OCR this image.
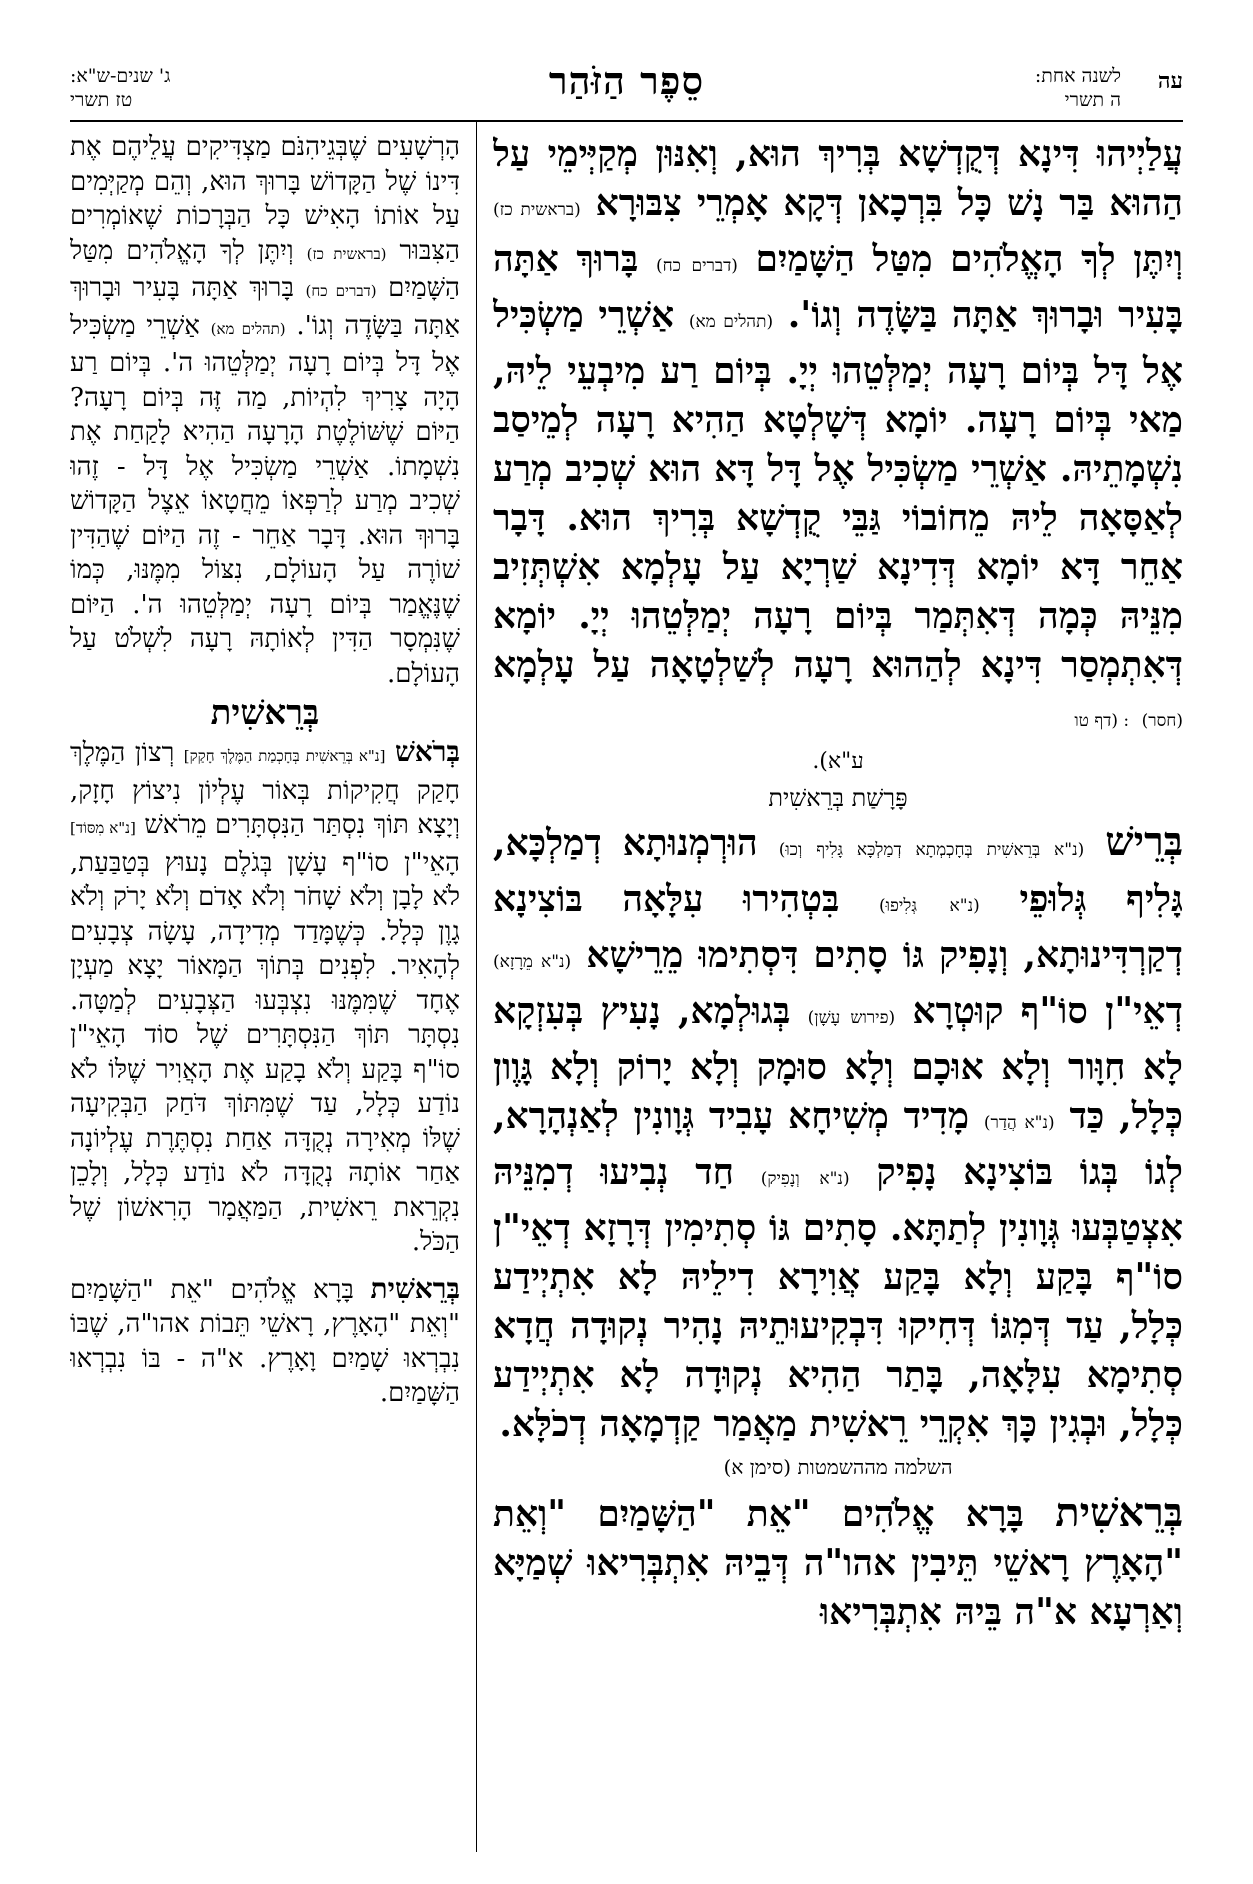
עה
לשנה אחת:
ה תשרי
סֵפֶר הַזֹּהַר
ג' שנים-ש"א:
טז תשרי

עֲלַיְיהוּ דִּינָא דְּקֻדְשָׁא בְּרִיךְ הוּא, וְאִנּוּן מְקַיְּימֵי עַל הַהוּא בַּר נָשׁ כָּל בִּרְכָאן דְּקָא אָמְרֵי צִבּוּרָא (בראשית כז) וְיִתֶּן לְךָ הָאֱלֹהִים מִטַּל הַשָּׁמַיִם (דברים כח) בָּרוּךְ אַתָּה בָּעִיר וּבָרוּךְ אַתָּה בַּשָּׂדֶה וְגוֹ'. (תהלים מא) אַשְׁרֵי מַשְׂכִּיל אֶל דָּל בְּיוֹם רָעָה יְמַלְּטֵהוּ יְיָ. בְּיוֹם רַע מִיבְעֵי לֵיהּ, מַאי בְּיוֹם רָעָה. יוֹמָא דְּשָׁלְטָא הַהִיא רָעָה לְמֵיסַב נִשְׁמָתֵיהּ. אַשְׁרֵי מַשְׂכִּיל אֶל דָּל דָּא הוּא שְׁכִיב מְרַע לְאַסָּאָה לֵיהּ מֵחוֹבוֹי גַּבֵּי קֻדְשָׁא בְּרִיךְ הוּא. דָּבָר אַחֵר דָּא יוֹמָא דְּדִינָא שַׁרְיָא עַל עָלְמָא אִשְׁתְּזִיב מִנֵּיהּ כְּמָה דְּאִתְּמַר בְּיוֹם רָעָה יְמַלְּטֵהוּ יְיָ. יוֹמָא דְּאִתְמְסַר דִּינָא לְהַהוּא רָעָה לְשַׁלְטָאָה עַל עָלְמָא (חסר) : (דף טו

ע"א).
פָּרָשַׁת בְּרֵאשִׁית

בְּרֵישׁ (נ"א בְּרֵאשִׁית בְּחָכְמְתָא דְמַלְכָּא גָּלִיף וְכוּ) הוּרְמְנוּתָא דְמַלְכָּא, גָּלִיף גְּלוּפֵי (נ"א גְּלִיפוּ) בִּטְהִירוּ עִלָּאָה בּוֹצִינָא דְקַרְדִּינוּתָא, וְנָפִיק גּוֹ סָתִים דִּסְתִימוּ מֵרֵישָׁא (נ"א מֵרָזָא) דְאֵי"ן סוֹ"ף קוּטְרָא (פירוש עָשָׁן) בְּגוּלְמָא, נָעִיץ בְּעִזְקָא לָא חִוָּור וְלָא אוּכָם וְלָא סוּמָק וְלָא יָרוֹק וְלָא גָּוֶון כְּלָל, כַּד (נ"א הֲדַר) מָדִיד מְשִׁיחָא עָבִיד גְּוָונִין לְאַנְהָרָא, לְגוֹ בְּגוֹ בּוֹצִינָא נָפִיק (נ"א וְנָפִיק) חַד נְבִיעוּ דְמִנֵּיהּ אִצְטַבְּעוּ גְּוָונִין לְתַתָּא. סָתִים גּוֹ סְתִימִין דְּרָזָא דְאֵי"ן סוֹ"ף בָּקַע וְלָא בָּקַע אֲוִירָא דִילֵיהּ לָא אִתְיְידַע כְּלָל, עַד דְּמִגּוֹ דְּחִיקוּ דִּבְקִיעוּתֵיהּ נָהִיר נְקוּדָה חֲדָא סְתִימָא עִלָּאָה, בָּתַר הַהִיא נְקוּדָה לָא אִתְיְידַע כְּלָל, וּבְגִין כָּךְ אִקְרֵי רֵאשִׁית מַאֲמַר קַדְמָאָה דְכֹלָּא.

השלמה מההשמטות (סימן א)

בְּרֵאשִׁית בָּרָא אֱלֹהִים "אֵת "הַשָּׁמַיִם "וְאֵת "הָאָרֶץ רָאשֵׁי תֵּיבִין אהו"ה דְּבֵיהּ אִתְבְּרִיאוּ שְׁמַיָּא וְאַרְעָא א"ה בֵּיהּ אִתְבְּרִיאוּ

הָרְשָׁעִים שֶׁבְּגֵיהִנֹּם מַצְדִּיקִים עֲלֵיהֶם אֶת דִּינוֹ שֶׁל הַקָּדוֹשׁ בָּרוּךְ הוּא, וְהֵם מְקַיְּמִים עַל אוֹתוֹ הָאִישׁ כָּל הַבְּרָכוֹת שֶׁאוֹמְרִים הַצִּבּוּר (בראשית כז) וְיִתֶּן לְךָ הָאֱלֹהִים מִטַּל הַשָּׁמַיִם (דברים כח) בָּרוּךְ אַתָּה בָּעִיר וּבָרוּךְ אַתָּה בַּשָּׂדֶה וְגוֹ'. (תהלים מא) אַשְׁרֵי מַשְׂכִּיל אֶל דָּל בְּיוֹם רָעָה יְמַלְּטֵהוּ ה'. בְּיוֹם רַע הָיָה צָרִיךְ לִהְיוֹת, מַה זֶּה בְּיוֹם רָעָה? הַיּוֹם שֶׁשּׁוֹלֶטֶת הָרָעָה הַהִיא לָקַחַת אֶת נִשְׁמָתוֹ. אַשְׁרֵי מַשְׂכִּיל אֶל דָּל - זֶהוּ שְׁכִיב מְרַע לְרַפְּאוֹ מֵחֲטָאוֹ אֵצֶל הַקָּדוֹשׁ בָּרוּךְ הוּא. דָּבָר אַחֵר - זֶה הַיּוֹם שֶׁהַדִּין שׁוֹרֶה עַל הָעוֹלָם, נִצּוֹל מִמֶּנּוּ, כְּמוֹ שֶׁנֶּאֱמַר בְּיוֹם רָעָה יְמַלְּטֵהוּ ה'. הַיּוֹם שֶׁנִּמְסָר הַדִּין לְאוֹתָהּ רָעָה לִשְׁלֹט עַל הָעוֹלָם.

בְּרֵאשִׁית

בְּרֹאשׁ [נ"א בְּרֵאשִׁית בְּחָכְמַת הַמֶּלֶךְ חָקַק] רְצוֹן הַמֶּלֶךְ חָקַק חֲקִיקוֹת בְּאוֹר עֶלְיוֹן נִיצוֹץ חָזָק, וְיָצָא תּוֹךְ נִסְתַּר הַנִּסְתָּרִים מֵרֹאשׁ [נ"א מִסּוֹד] הָאֵי"ן סוֹ"ף עָשָׁן בְּגֹלֶם נָעוּץ בְּטַבַּעַת, לֹא לָבָן וְלֹא שָׁחֹר וְלֹא אָדֹם וְלֹא יָרֹק וְלֹא גָוֶן כְּלָל. כְּשֶׁמָּדַד מְדִידָה, עָשָׂה צְבָעִים לְהָאִיר. לִפְנִים בְּתוֹךְ הַמָּאוֹר יָצָא מַעְיָן אֶחָד שֶׁמִּמֶּנּוּ נִצְבְּעוּ הַצְּבָעִים לְמַטָּה. נִסְתָּר תּוֹךְ הַנִּסְתָּרִים שֶׁל סוֹד הָאֵי"ן סוֹ"ף בָּקַע וְלֹא בָקַע אֶת הָאֲוִיר שֶׁלּוֹ לֹא נוֹדַע כְּלָל, עַד שֶׁמִּתּוֹךְ דֹּחַק הַבְּקִיעָה שֶׁלּוֹ מְאִירָה נְקֻדָּה אַחַת נִסְתֶּרֶת עֶלְיוֹנָה אַחַר אוֹתָהּ נְקֻדָּה לֹא נוֹדַע כְּלָל, וְלָכֵן נִקְרֵאת רֵאשִׁית, הַמַּאֲמָר הָרִאשׁוֹן שֶׁל הַכֹּל.

בְּרֵאשִׁית בָּרָא אֱלֹהִים "אֵת "הַשָּׁמַיִם "וְאֵת "הָאָרֶץ, רָאשֵׁי תֵּבוֹת אהו"ה, שֶׁבּוֹ נִבְרְאוּ שָׁמַיִם וָאָרֶץ. א"ה - בּוֹ נִבְרְאוּ הַשָּׁמַיִם.
